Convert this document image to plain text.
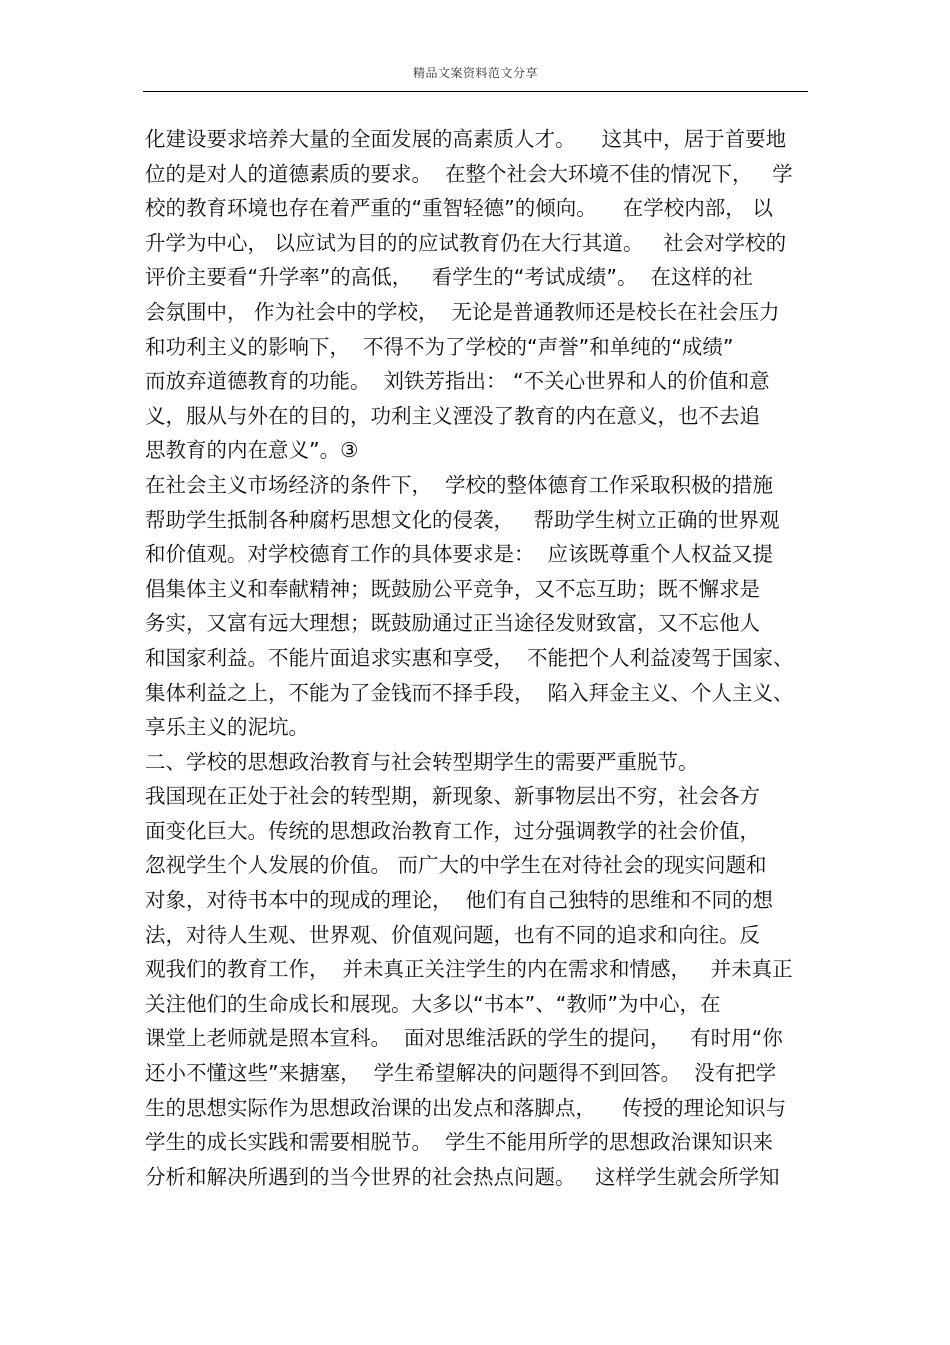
精品文案资料范文分享
化建设要求培养大量的全面发展的高素质人才。    这其中，居于首要地
位的是对人的道德素质的要求。  在整个社会大环境不佳的情况下，   学
校的教育环境也存在着严重的“重智轻德”的倾向。    在学校内部， 以
升学为中心， 以应试为目的的应试教育仍在大行其道。   社会对学校的
评价主要看“升学率”的高低，   看学生的“考试成绩”。  在这样的社
会氛围中， 作为社会中的学校，  无论是普通教师还是校长在社会压力
和功利主义的影响下，  不得不为了学校的“声誉”和单纯的“成绩”
而放弃道德教育的功能。  刘铁芳指出： “不关心世界和人的价值和意
义，服从与外在的目的，功利主义湮没了教育的内在意义，也不去追
思教育的内在意义”。③
在社会主义市场经济的条件下，  学校的整体德育工作采取积极的措施
帮助学生抵制各种腐朽思想文化的侵袭，   帮助学生树立正确的世界观
和价值观。对学校德育工作的具体要求是：  应该既尊重个人权益又提
倡集体主义和奉献精神；既鼓励公平竞争，又不忘互助；既不懈求是
务实，又富有远大理想；既鼓励通过正当途径发财致富，又不忘他人
和国家利益。不能片面追求实惠和享受，  不能把个人利益凌驾于国家、
集体利益之上，不能为了金钱而不择手段，  陷入拜金主义、个人主义、
享乐主义的泥坑。
二、学校的思想政治教育与社会转型期学生的需要严重脱节。
我国现在正处于社会的转型期，新现象、新事物层出不穷，社会各方
面变化巨大。传统的思想政治教育工作，过分强调教学的社会价值，
忽视学生个人发展的价值。 而广大的中学生在对待社会的现实问题和
对象，对待书本中的现成的理论，  他们有自己独特的思维和不同的想
法，对待人生观、世界观、价值观问题，也有不同的追求和向往。反
观我们的教育工作，  并未真正关注学生的内在需求和情感，   并未真正
关注他们的生命成长和展现。大多以“书本”、“教师”为中心，在
课堂上老师就是照本宣科。  面对思维活跃的学生的提问，   有时用“你
还小不懂这些”来搪塞，  学生希望解决的问题得不到回答。  没有把学
生的思想实际作为思想政治课的出发点和落脚点，    传授的理论知识与
学生的成长实践和需要相脱节。  学生不能用所学的思想政治课知识来
分析和解决所遇到的当今世界的社会热点问题。   这样学生就会所学知
